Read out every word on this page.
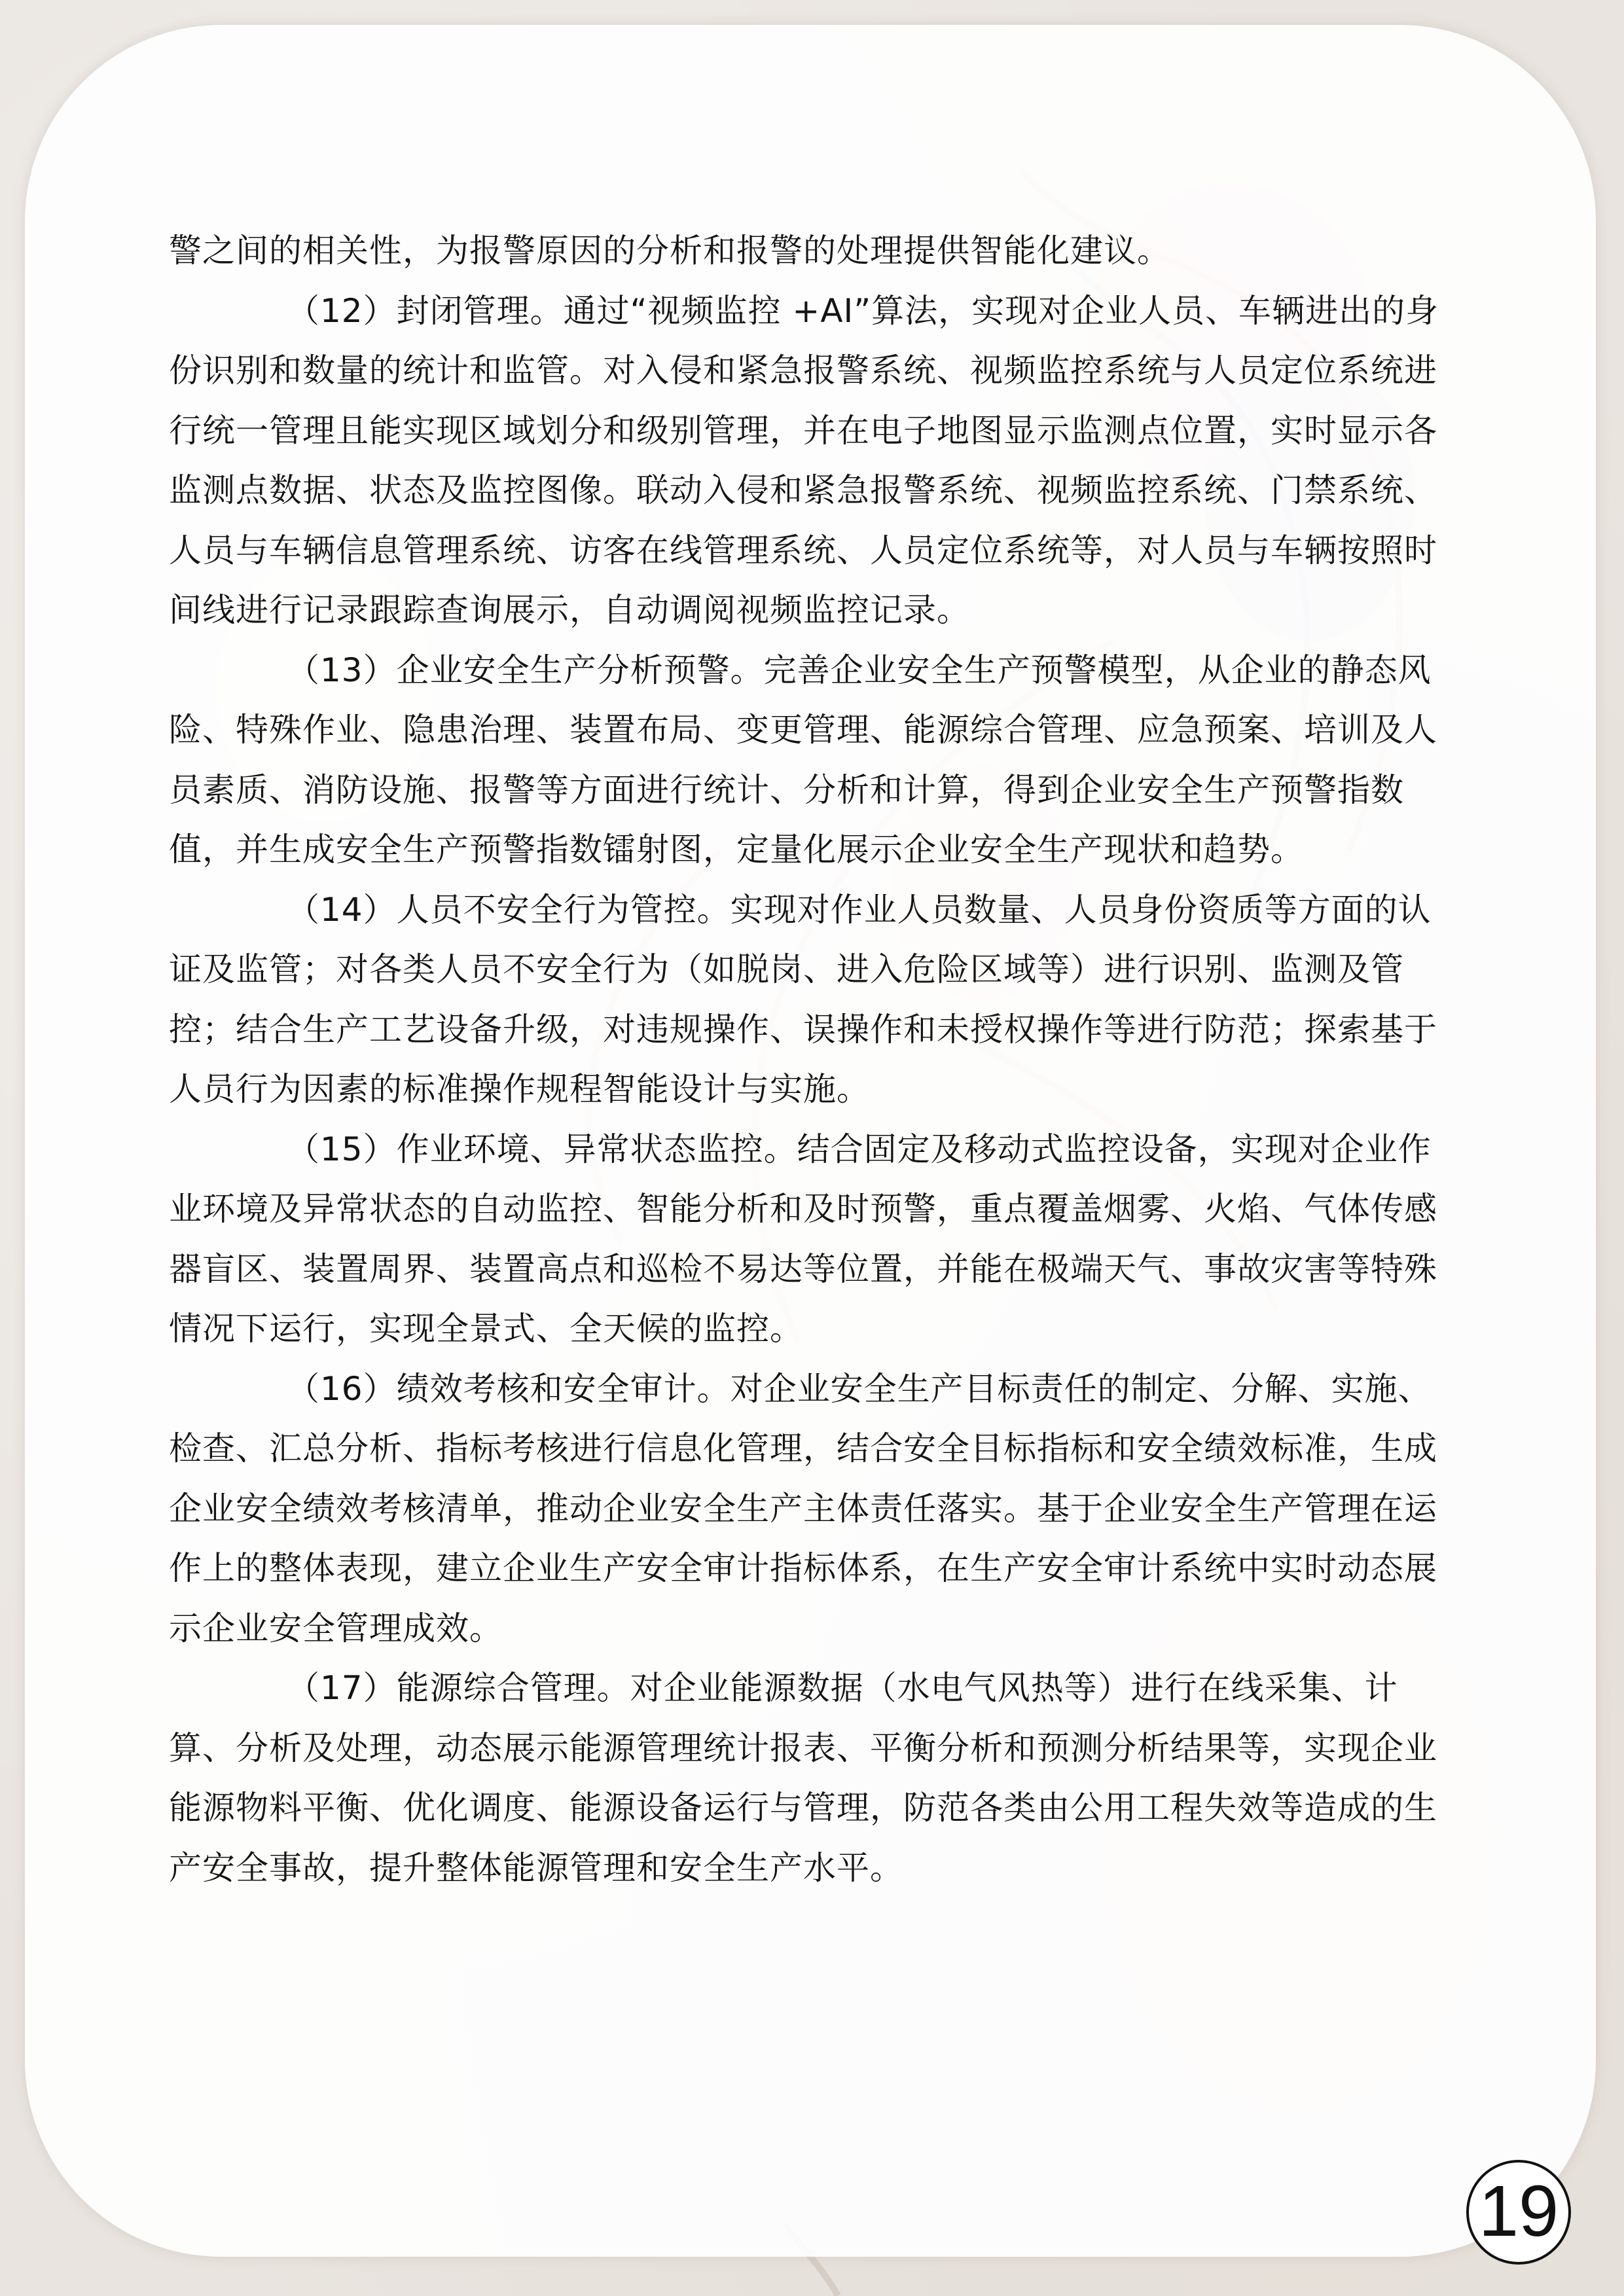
警之间的相关性，为报警原因的分析和报警的处理提供智能化建议。

（12）封闭管理。通过“视频监控 +AI”算法，实现对企业人员、车辆进出的身份识别和数量的统计和监管。对入侵和紧急报警系统、视频监控系统与人员定位系统进行统一管理且能实现区域划分和级别管理，并在电子地图显示监测点位置，实时显示各监测点数据、状态及监控图像。联动入侵和紧急报警系统、视频监控系统、门禁系统、人员与车辆信息管理系统、访客在线管理系统、人员定位系统等，对人员与车辆按照时间线进行记录跟踪查询展示，自动调阅视频监控记录。

（13）企业安全生产分析预警。完善企业安全生产预警模型，从企业的静态风险、特殊作业、隐患治理、装置布局、变更管理、能源综合管理、应急预案、培训及人员素质、消防设施、报警等方面进行统计、分析和计算，得到企业安全生产预警指数值，并生成安全生产预警指数镭射图，定量化展示企业安全生产现状和趋势。

（14）人员不安全行为管控。实现对作业人员数量、人员身份资质等方面的认证及监管；对各类人员不安全行为（如脱岗、进入危险区域等）进行识别、监测及管控；结合生产工艺设备升级，对违规操作、误操作和未授权操作等进行防范；探索基于人员行为因素的标准操作规程智能设计与实施。

（15）作业环境、异常状态监控。结合固定及移动式监控设备，实现对企业作业环境及异常状态的自动监控、智能分析和及时预警，重点覆盖烟雾、火焰、气体传感器盲区、装置周界、装置高点和巡检不易达等位置，并能在极端天气、事故灾害等特殊情况下运行，实现全景式、全天候的监控。

（16）绩效考核和安全审计。对企业安全生产目标责任的制定、分解、实施、检查、汇总分析、指标考核进行信息化管理，结合安全目标指标和安全绩效标准，生成企业安全绩效考核清单，推动企业安全生产主体责任落实。基于企业安全生产管理在运作上的整体表现，建立企业生产安全审计指标体系，在生产安全审计系统中实时动态展示企业安全管理成效。

（17）能源综合管理。对企业能源数据（水电气风热等）进行在线采集、计算、分析及处理，动态展示能源管理统计报表、平衡分析和预测分析结果等，实现企业能源物料平衡、优化调度、能源设备运行与管理，防范各类由公用工程失效等造成的生产安全事故，提升整体能源管理和安全生产水平。

19
